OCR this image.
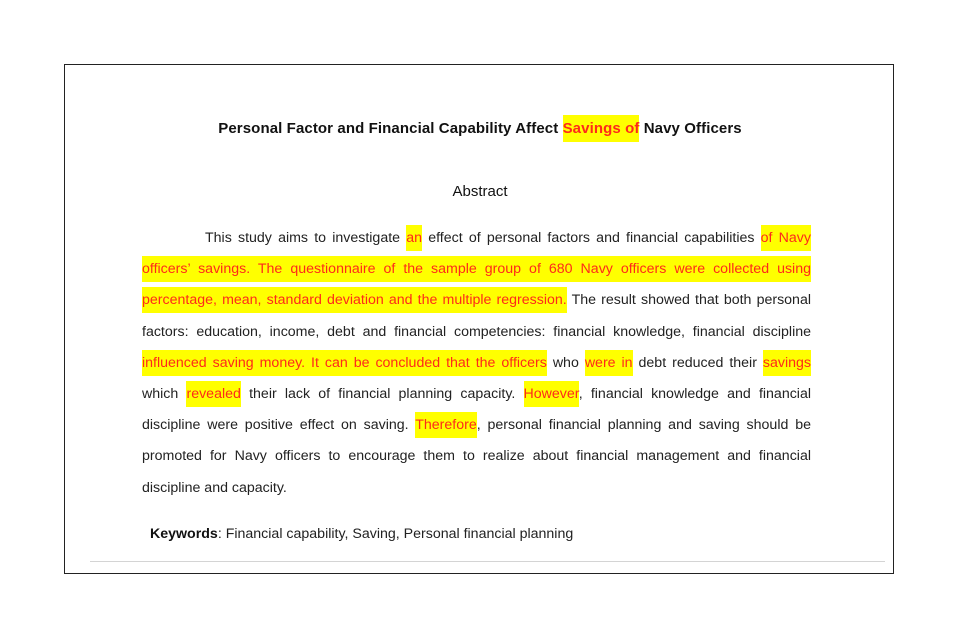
Personal Factor and Financial Capability Affect Savings of Navy Officers
Abstract

This study aims to investigate an effect of personal factors and financial capabilities of Navy officers’ savings. The questionnaire of the sample group of 680 Navy officers were collected using percentage, mean, standard deviation and the multiple regression. The result showed that both personal factors: education, income, debt and financial competencies: financial knowledge, financial discipline influenced saving money. It can be concluded that the officers who were in debt reduced their savings which revealed their lack of financial planning capacity. However, financial knowledge and financial discipline were positive effect on saving. Therefore, personal financial planning and saving should be promoted for Navy officers to encourage them to realize about financial management and financial discipline and capacity.

Keywords: Financial capability, Saving, Personal financial planning
